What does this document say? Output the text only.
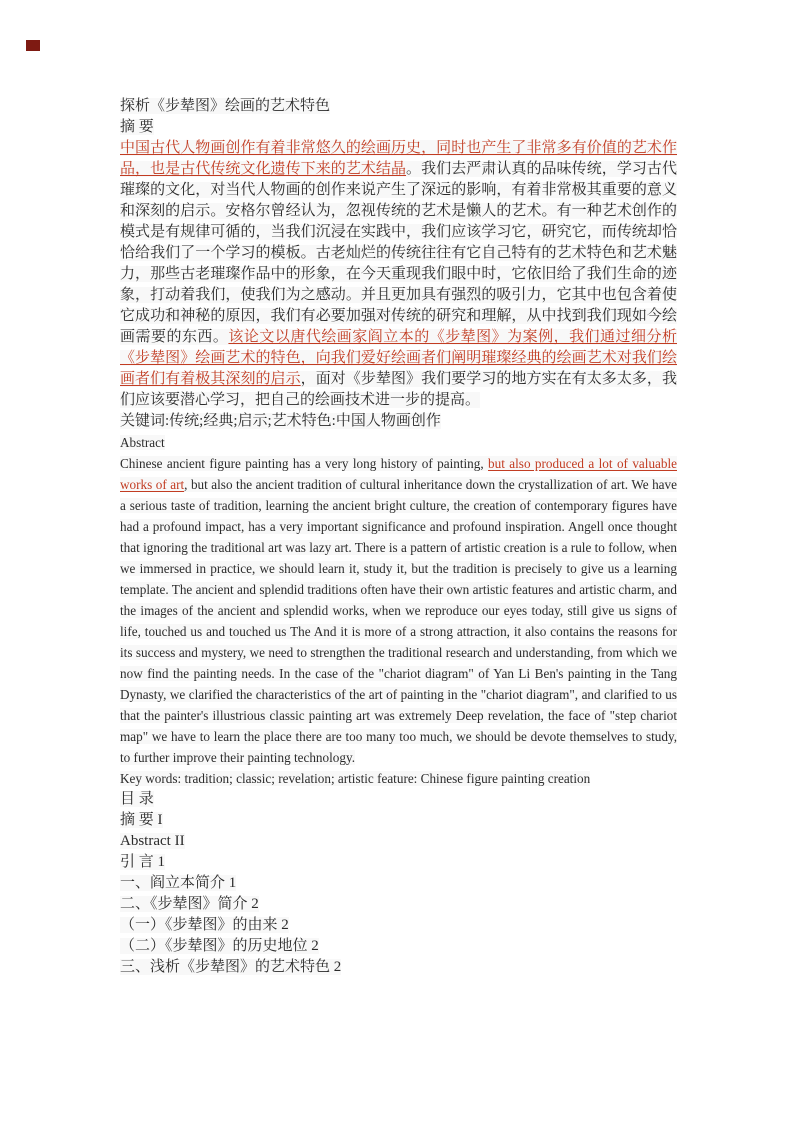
探析《步辇图》绘画的艺术特色
摘 要

中国古代人物画创作有着非常悠久的绘画历史，同时也产生了非常多有价值的艺术作品，也是古代传统文化遗传下来的艺术结晶。我们去严肃认真的品味传统，学习古代璀璨的文化，对当代人物画的创作来说产生了深远的影响，有着非常极其重要的意义和深刻的启示。安格尔曾经认为，忽视传统的艺术是懒人的艺术。有一种艺术创作的模式是有规律可循的，当我们沉浸在实践中，我们应该学习它，研究它，而传统却恰恰给我们了一个学习的模板。古老灿烂的传统往往有它自己特有的艺术特色和艺术魅力，那些古老璀璨作品中的形象，在今天重现我们眼中时，它依旧给了我们生命的迹象，打动着我们，使我们为之感动。并且更加具有强烈的吸引力，它其中也包含着使它成功和神秘的原因，我们有必要加强对传统的研究和理解，从中找到我们现如今绘画需要的东西。该论文以唐代绘画家阎立本的《步辇图》为案例，我们通过细分析《步辇图》绘画艺术的特色，向我们爱好绘画者们阐明璀璨经典的绘画艺术对我们绘画者们有着极其深刻的启示，面对《步辇图》我们要学习的地方实在有太多太多，我们应该要潜心学习，把自己的绘画技术进一步的提高。

关键词:传统;经典;启示;艺术特色:中国人物画创作
Abstract

Chinese ancient figure painting has a very long history of painting, but also produced a lot of valuable works of art, but also the ancient tradition of cultural inheritance down the crystallization of art. We have a serious taste of tradition, learning the ancient bright culture, the creation of contemporary figures have had a profound impact, has a very important significance and profound inspiration. Angell once thought that ignoring the traditional art was lazy art. There is a pattern of artistic creation is a rule to follow, when we immersed in practice, we should learn it, study it, but the tradition is precisely to give us a learning template. The ancient and splendid traditions often have their own artistic features and artistic charm, and the images of the ancient and splendid works, when we reproduce our eyes today, still give us signs of life, touched us and touched us The And it is more of a strong attraction, it also contains the reasons for its success and mystery, we need to strengthen the traditional research and understanding, from which we now find the painting needs. In the case of the "chariot diagram" of Yan Li Ben's painting in the Tang Dynasty, we clarified the characteristics of the art of painting in the "chariot diagram", and clarified to us that the painter's illustrious classic painting art was extremely Deep revelation, the face of "step chariot map" we have to learn the place there are too many too much, we should be devote themselves to study, to further improve their painting technology.

Key words: tradition; classic; revelation; artistic feature: Chinese figure painting creation
目 录
摘 要 I
Abstract II
引 言 1
一、阎立本简介 1
二、《步辇图》简介 2
（一）《步辇图》的由来 2
（二）《步辇图》的历史地位 2
三、浅析《步辇图》的艺术特色 2
